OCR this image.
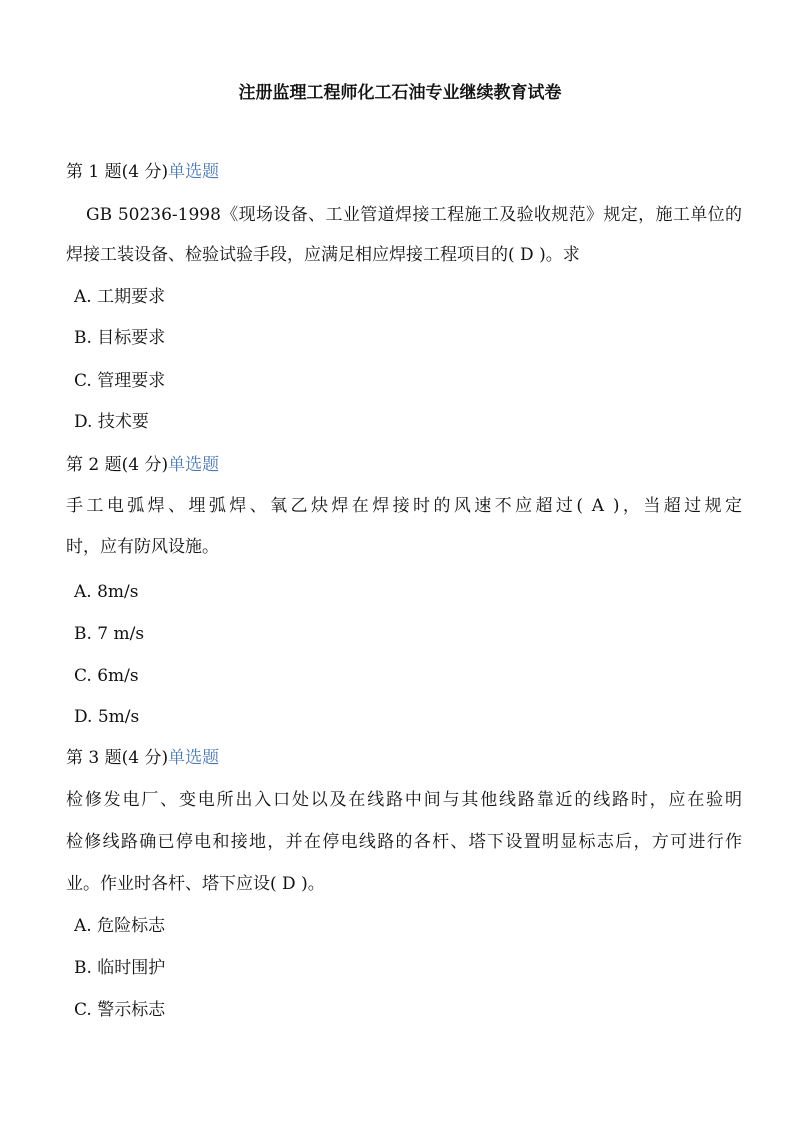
注册监理工程师化工石油专业继续教育试卷
第 1 题(4 分)单选题
GB 50236-1998《现场设备、工业管道焊接工程施工及验收规范》规定，施工单位的
焊接工装设备、检验试验手段，应满足相应焊接工程项目的( D )。求
A. 工期要求
B. 目标要求
C. 管理要求
D. 技术要
第 2 题(4 分)单选题
手工电弧焊、埋弧焊、氧乙炔焊在焊接时的风速不应超过( A )，当超过规定
时，应有防风设施。
A. 8m/s
B. 7 m/s
C. 6m/s
D. 5m/s
第 3 题(4 分)单选题
检修发电厂、变电所出入口处以及在线路中间与其他线路靠近的线路时，应在验明
检修线路确已停电和接地，并在停电线路的各杆、塔下设置明显标志后，方可进行作
业。作业时各杆、塔下应设( D )。
A. 危险标志
B. 临时围护
C. 警示标志
